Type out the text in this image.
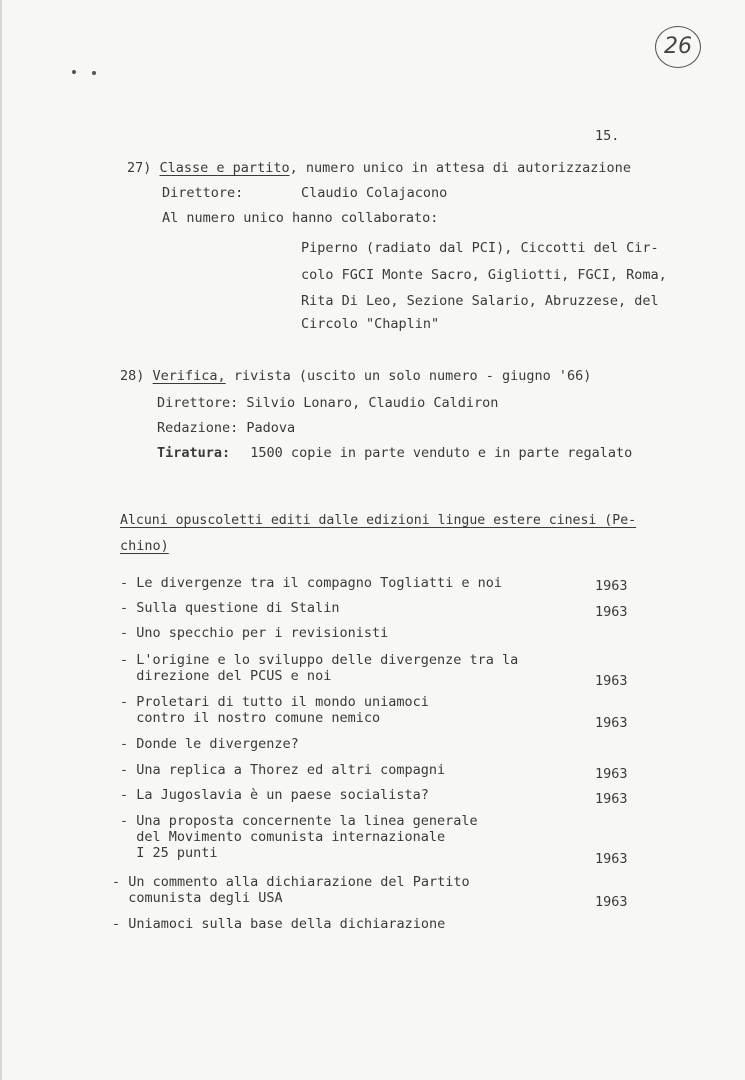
26
15.
27) Classe e partito, numero unico in attesa di autorizzazione
Direttore:	Claudio Colajacono
Al numero unico hanno collaborato:
Piperno (radiato dal PCI), Ciccotti del Cir-
colo FGCI Monte Sacro, Gigliotti, FGCI, Roma,
Rita Di Leo, Sezione Salario, Abruzzese, del
Circolo "Chaplin"
28) Verifica, rivista (uscito un solo numero - giugno '66)
Direttore: Silvio Lonaro, Claudio Caldiron
Redazione: Padova
Tiratura: 1500 copie in parte venduto e in parte regalato
Alcuni opuscoletti editi dalle edizioni lingue estere cinesi (Pe-
chino)
- Le divergenze tra il compagno Togliatti e noi	1963
- Sulla questione di Stalin	1963
- Uno specchio per i revisionisti
- L'origine e lo sviluppo delle divergenze tra la
direzione del PCUS e noi	1963
- Proletari di tutto il mondo uniamoci
contro il nostro comune nemico	1963
- Donde le divergenze?
- Una replica a Thorez ed altri compagni	1963
- La Jugoslavia è un paese socialista?	1963
- Una proposta concernente la linea generale
del Movimento comunista internazionale
I 25 punti	1963
- Un commento alla dichiarazione del Partito
comunista degli USA	1963
- Uniamoci sulla base della dichiarazione
